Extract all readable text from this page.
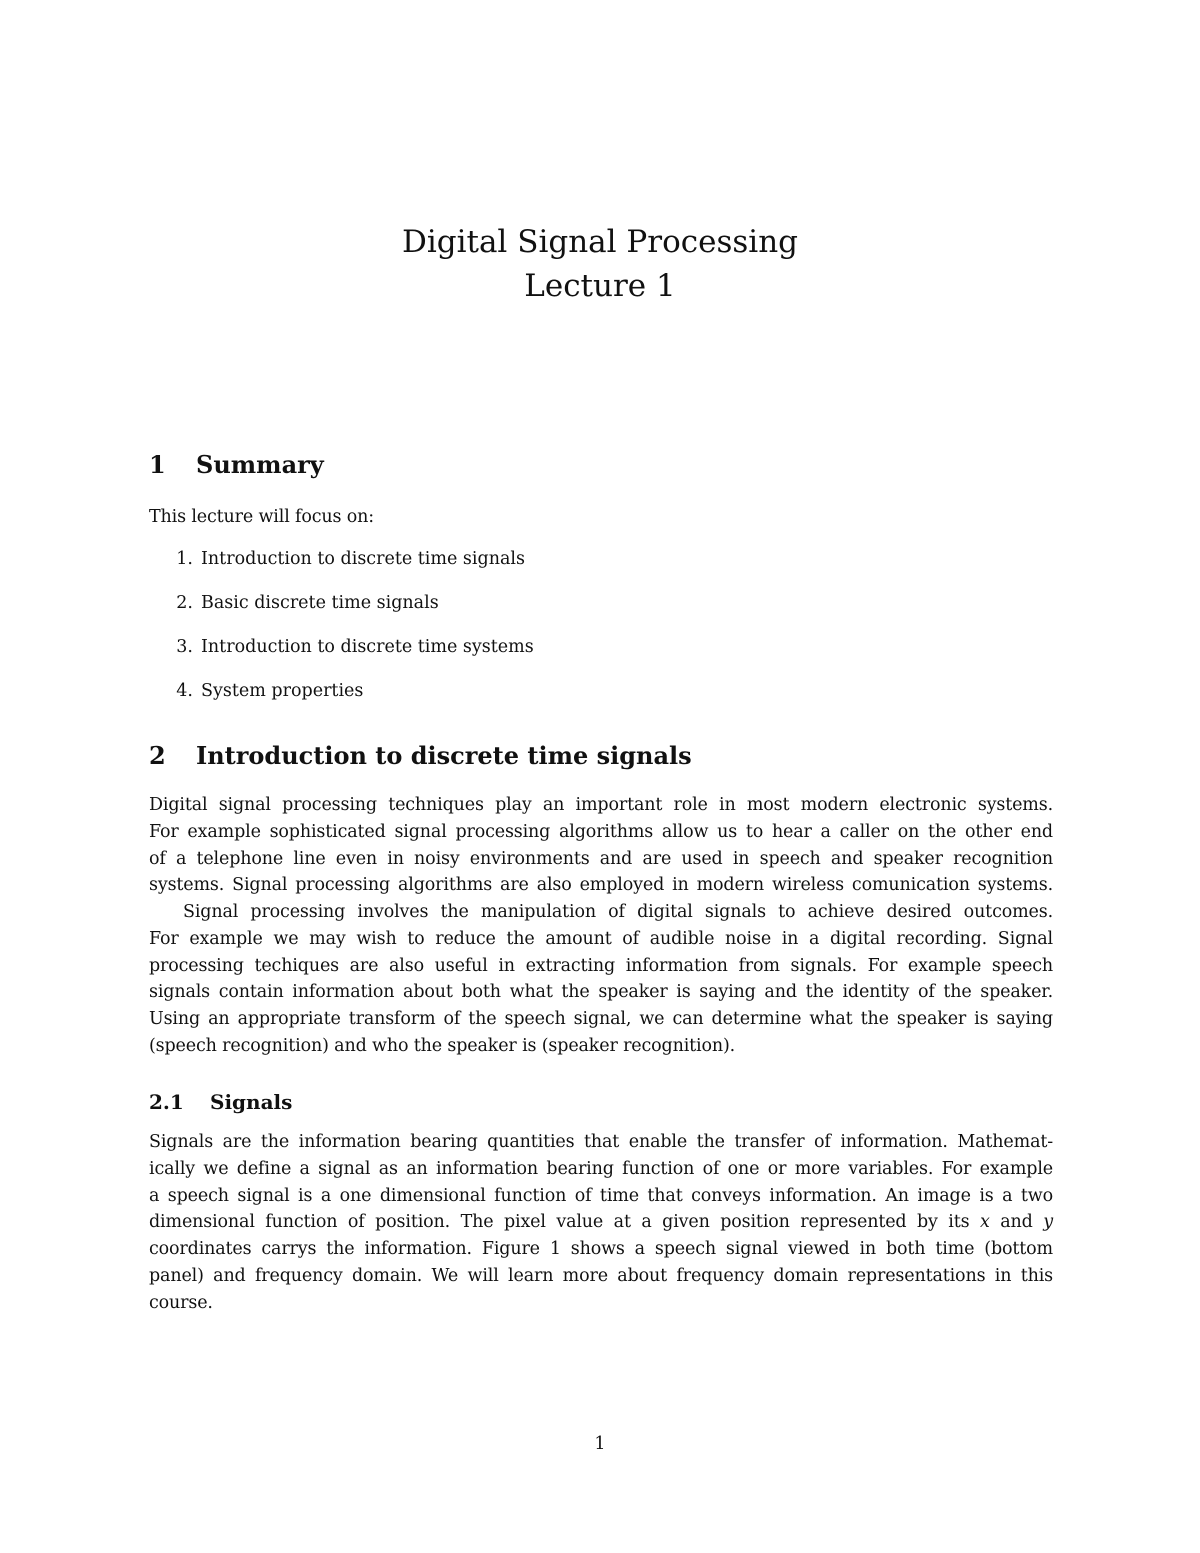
Digital Signal Processing
Lecture 1
1	Summary

This lecture will focus on:

1. Introduction to discrete time signals
2. Basic discrete time signals
3. Introduction to discrete time systems
4. System properties
2	Introduction to discrete time signals

Digital signal processing techniques play an important role in most modern electronic systems.
For example sophisticated signal processing algorithms allow us to hear a caller on the other end
of a telephone line even in noisy environments and are used in speech and speaker recognition
systems. Signal processing algorithms are also employed in modern wireless comunication systems.

Signal processing involves the manipulation of digital signals to achieve desired outcomes.
For example we may wish to reduce the amount of audible noise in a digital recording. Signal
processing techiques are also useful in extracting information from signals. For example speech
signals contain information about both what the speaker is saying and the identity of the speaker.
Using an appropriate transform of the speech signal, we can determine what the speaker is saying
(speech recognition) and who the speaker is (speaker recognition).

2.1	Signals

Signals are the information bearing quantities that enable the transfer of information. Mathemat-
ically we define a signal as an information bearing function of one or more variables. For example
a speech signal is a one dimensional function of time that conveys information. An image is a two
dimensional function of position. The pixel value at a given position represented by its x and y
coordinates carrys the information. Figure 1 shows a speech signal viewed in both time (bottom
panel) and frequency domain. We will learn more about frequency domain representations in this
course.

1
